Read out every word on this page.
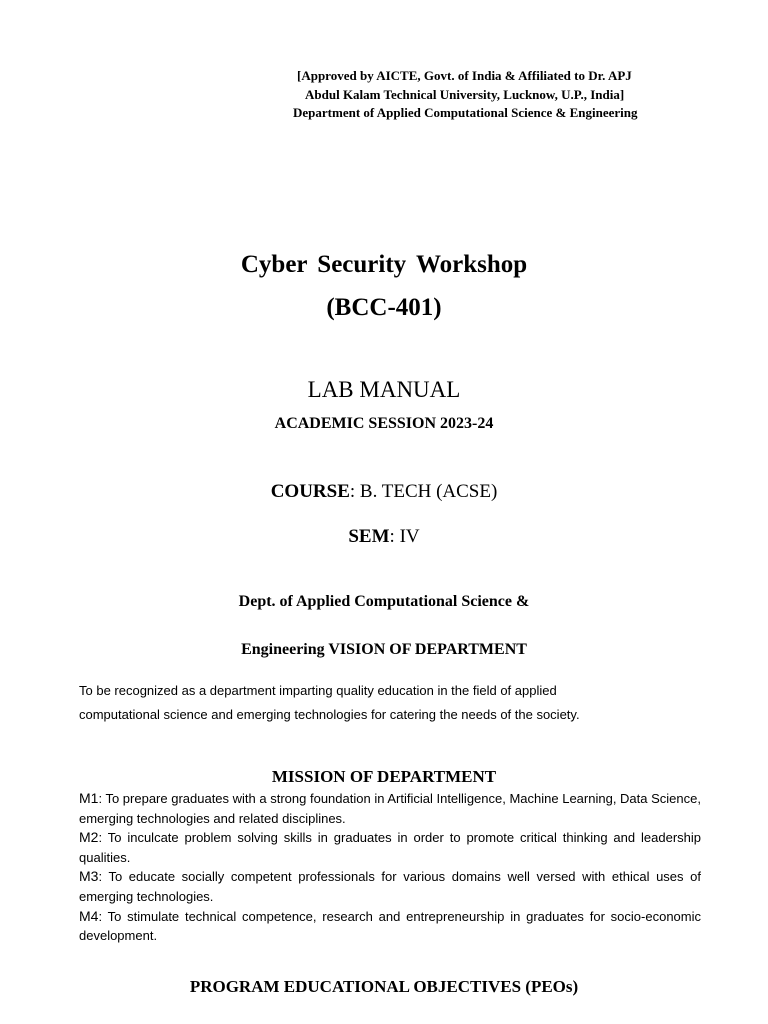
[Approved by AICTE, Govt. of India & Affiliated to Dr. APJ
Abdul Kalam Technical University, Lucknow, U.P., India]
Department of Applied Computational Science & Engineering
Cyber Security Workshop
(BCC-401)
LAB MANUAL
ACADEMIC SESSION 2023-24
COURSE: B. TECH (ACSE)
SEM: IV
Dept. of Applied Computational Science &
Engineering VISION OF DEPARTMENT
To be recognized as a department imparting quality education in the field of applied
computational science and emerging technologies for catering the needs of the society.
MISSION OF DEPARTMENT

M1: To prepare graduates with a strong foundation in Artificial Intelligence, Machine Learning, Data Science, emerging technologies and related disciplines.

M2: To inculcate problem solving skills in graduates in order to promote critical thinking and leadership qualities.

M3: To educate socially competent professionals for various domains well versed with ethical uses of emerging technologies.

M4: To stimulate technical competence, research and entrepreneurship in graduates for socio-economic development.

PROGRAM EDUCATIONAL OBJECTIVES (PEOs)
